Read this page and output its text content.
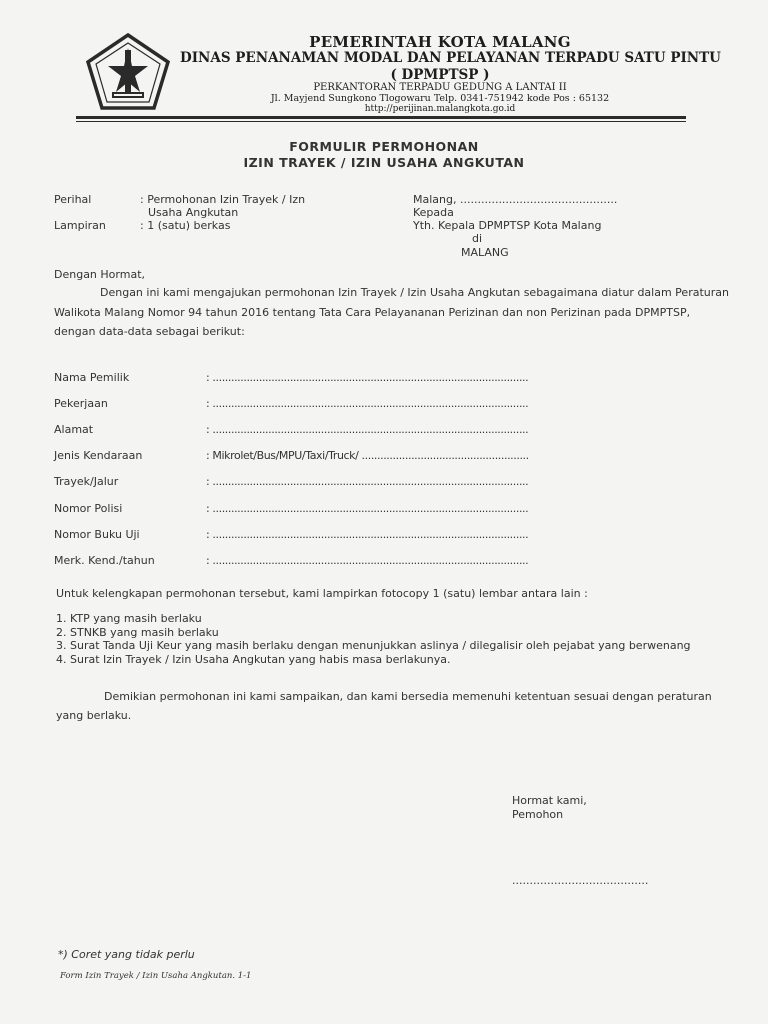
PEMERINTAH KOTA MALANG
DINAS PENANAMAN MODAL DAN PELAYANAN TERPADU SATU PINTU
( DPMPTSP )
PERKANTORAN TERPADU GEDUNG A LANTAI II
Jl. Mayjend Sungkono Tlogowaru Telp. 0341-751942 kode Pos : 65132
http://perijinan.malangkota.go.id
FORMULIR PERMOHONAN
IZIN TRAYEK / IZIN USAHA ANGKUTAN
Perihal	: Permohonan Izin Trayek / Izn
Usaha Angkutan
Lampiran	: 1 (satu) berkas
Malang, .............................................
Kepada
Yth. Kepala DPMPTSP Kota Malang
di
MALANG
Dengan Hormat,
Dengan ini kami mengajukan permohonan Izin Trayek / Izin Usaha Angkutan sebagaimana diatur dalam Peraturan
Walikota Malang Nomor 94 tahun 2016 tentang Tata Cara Pelayananan Perizinan dan non Perizinan pada DPMPTSP,
dengan data-data sebagai berikut:
Nama Pemilik	: ......................................................................................................
Pekerjaan	: ......................................................................................................
Alamat	: ......................................................................................................
Jenis Kendaraan	: Mikrolet/Bus/MPU/Taxi/Truck/ ......................................................
Trayek/Jalur	: ......................................................................................................
Nomor Polisi	: ......................................................................................................
Nomor Buku Uji	: ......................................................................................................
Merk. Kend./tahun	: ......................................................................................................
Untuk kelengkapan permohonan tersebut, kami lampirkan fotocopy 1 (satu) lembar antara lain :
1. KTP yang masih berlaku
2. STNKB yang masih berlaku
3. Surat Tanda Uji Keur yang masih berlaku dengan menunjukkan aslinya / dilegalisir oleh pejabat yang berwenang
4. Surat Izin Trayek / Izin Usaha Angkutan yang habis masa berlakunya.
Demikian permohonan ini kami sampaikan, dan kami bersedia memenuhi ketentuan sesuai dengan peraturan
yang berlaku.
Hormat kami,
Pemohon
.......................................
*) Coret yang tidak perlu
Form Izin Trayek / Izin Usaha Angkutan. 1-1
